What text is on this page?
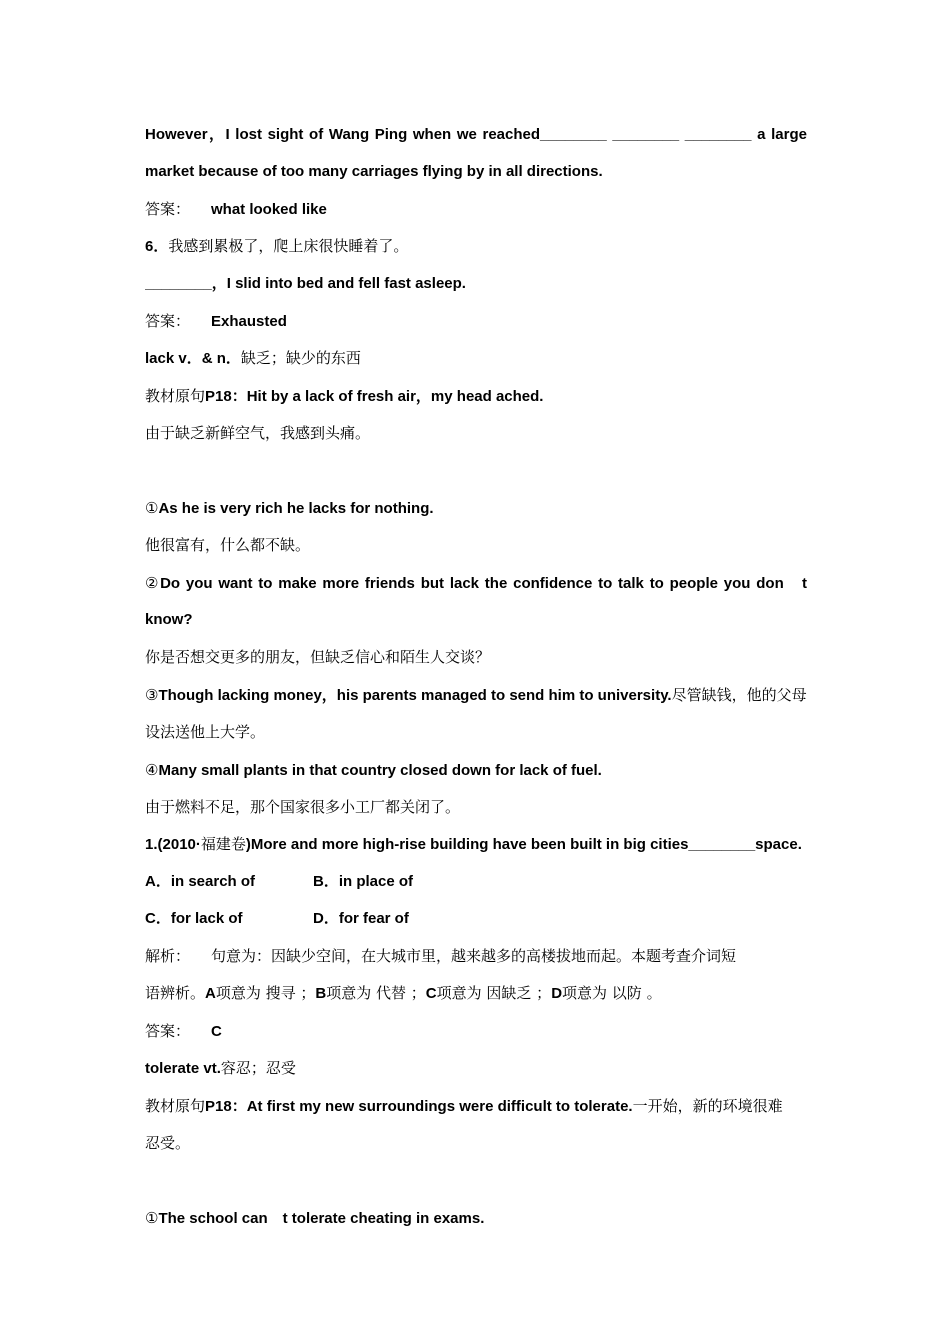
However，I lost sight of Wang Ping when we reached________ ________ ________ a large
market because of too many carriages flying by in all directions.
答案： what looked like
6．我感到累极了，爬上床很快睡着了。
________，I slid into bed and fell fast asleep.
答案： Exhausted
lack v．& n．缺乏；缺少的东西
教材原句P18：Hit by a lack of fresh air，my head ached.
由于缺乏新鲜空气，我感到头痛。
①As he is very rich he lacks for nothing.
他很富有，什么都不缺。
②Do you want to make more friends but lack the confidence to talk to people you don　t
know?
你是否想交更多的朋友，但缺乏信心和陌生人交谈？
③Though lacking money，his parents managed to send him to university.尽管缺钱，他的父母
设法送他上大学。
④Many small plants in that country closed down for lack of fuel.
由于燃料不足，那个国家很多小工厂都关闭了。
1.(2010·福建卷)More and more high-rise building have been built in big cities________space.
A．in search of	B．in place of
C．for lack of	D．for fear of
解析： 句意为：因缺少空间，在大城市里，越来越多的高楼拔地而起。本题考查介词短
语辨析。A项意为 搜寻 ；B项意为 代替 ；C项意为 因缺乏 ；D项意为 以防 。
答案： C
tolerate vt.容忍；忍受
教材原句P18：At first my new surroundings were difficult to tolerate.一开始，新的环境很难
忍受。
①The school can　t tolerate cheating in exams.
